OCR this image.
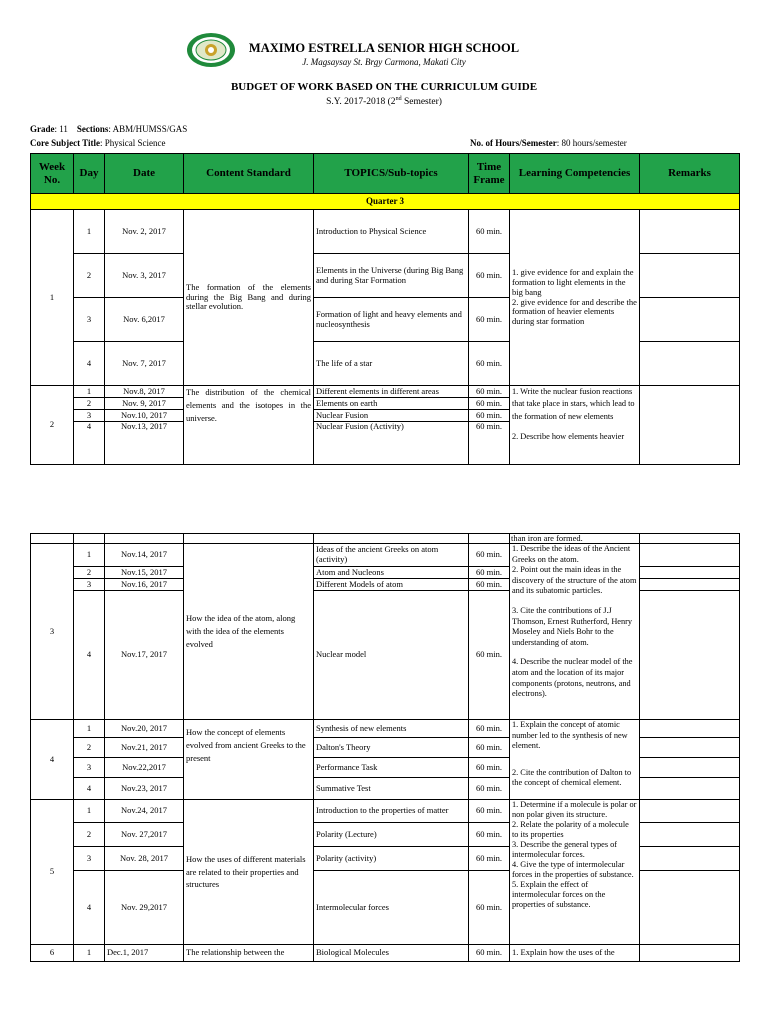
MAXIMO ESTRELLA SENIOR HIGH SCHOOL
J. Magsaysay St. Brgy Carmona, Makati City
BUDGET OF WORK BASED ON THE CURRICULUM GUIDE
S.Y. 2017-2018 (2nd Semester)
Grade: 11 Sections: ABM/HUMSS/GAS
Core Subject Title: Physical Science	No. of Hours/Semester: 80 hours/semester
Week No.	Day	Date	Content Standard	TOPICS/Sub-topics	Time Frame	Learning Competencies	Remarks
Quarter 3							
1	1	Nov. 2, 2017	The formation of the elements during the Big Bang and during stellar evolution.	Introduction to Physical Science	60 min.	1. give evidence for and explain the formation to light elements in the big bang
2. give evidence for and describe the formation of heavier elements during star formation	

	2	Nov. 3, 2017		Elements in the Universe (during Big Bang and during Star Formation	60 min.		
	3	Nov. 6,2017		Formation of light and heavy elements and nucleosynthesis	60 min.		
	4	Nov. 7, 2017		The life of a star	60 min.		
2	1	Nov.8, 2017	The distribution of the chemical elements and the isotopes in the universe.	Different elements in different areas	60 min.	1. Write the nuclear fusion reactions that take place in stars, which lead to the formation of new elements
2. Describe how elements heavier	

	2	Nov. 9, 2017		Elements on earth	60 min.		
	3	Nov.10, 2017		Nuclear Fusion	60 min.		
	4	Nov.13, 2017		Nuclear Fusion (Activity)	60 min.		
than iron are formed.

3	1	Nov.14, 2017	How the idea of the atom, along with the idea of the elements evolved	Ideas of the ancient Greeks on atom (activity)	60 min.	1. Describe the ideas of the Ancient Greeks on the atom.
2. Point out the main ideas in the discovery of the structure of the atom and its subatomic particles.
3. Cite the contributions of J.J Thomson, Ernest Rutherford, Henry Moseley and Niels Bohr to the understanding of atom.
4. Describe the nuclear model of the atom and the location of its major components (protons, neutrons, and electrons).	

	2	Nov.15, 2017		Atom and Nucleons	60 min.		
	3	Nov.16, 2017		Different Models of atom	60 min.		
	4	Nov.17, 2017		Nuclear model	60 min.		
4	1	Nov.20, 2017	How the concept of elements evolved from ancient Greeks to the present	Synthesis of new elements	60 min.	1. Explain the concept of atomic number led to the synthesis of new element.
2. Cite the contribution of Dalton to the concept of chemical element.	

	2	Nov.21, 2017		Dalton's Theory	60 min.		
	3	Nov.22,2017		Performance Task	60 min.		
	4	Nov.23, 2017		Summative Test	60 min.		
5	1	Nov.24, 2017	How the uses of different materials are related to their properties and structures	Introduction to the properties of matter	60 min.	1. Determine if a molecule is polar or non polar given its structure.
2. Relate the polarity of a molecule to its properties
3. Describe the general types of intermolecular forces.
4. Give the type of intermolecular forces in the properties of substance.
5. Explain the effect of intermolecular forces on the properties of substance.	

	2	Nov. 27,2017		Polarity (Lecture)	60 min.		
	3	Nov. 28, 2017		Polarity (activity)	60 min.		
	4	Nov. 29,2017		Intermolecular forces	60 min.		
6	1	Dec.1, 2017	The relationship between the	Biological Molecules	60 min.	1. Explain how the uses of the	
